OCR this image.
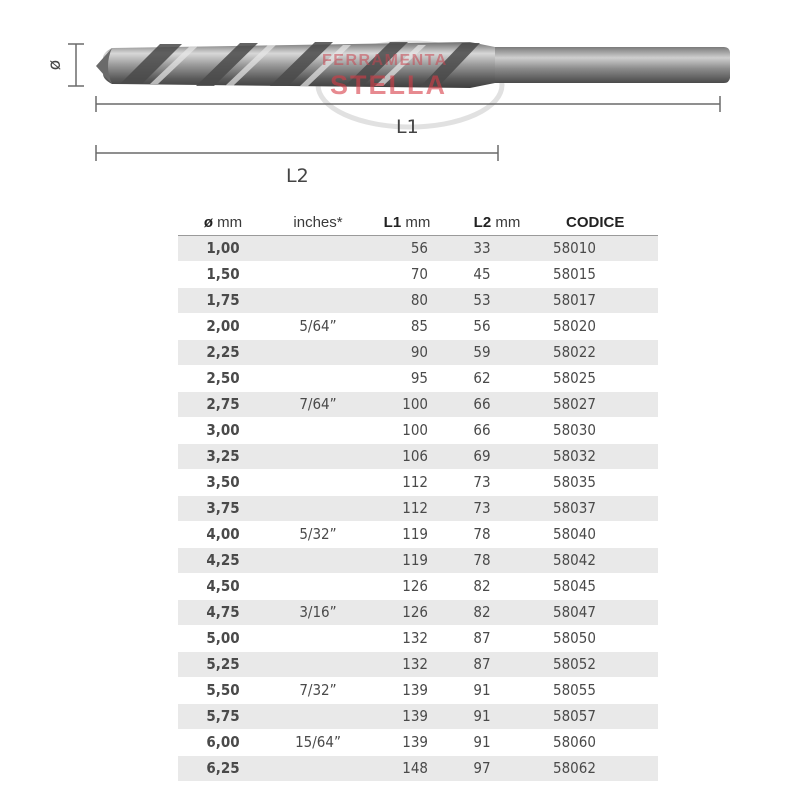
FERRAMENTA
STELLA
ø
L1
L2
ø mm	inches*	L1 mm	L2 mm	CODICE
1,00		56	33	58010
1,50		70	45	58015
1,75		80	53	58017
2,00	5/64”	85	56	58020
2,25		90	59	58022
2,50		95	62	58025
2,75	7/64”	100	66	58027
3,00		100	66	58030
3,25		106	69	58032
3,50		112	73	58035
3,75		112	73	58037
4,00	5/32”	119	78	58040
4,25		119	78	58042
4,50		126	82	58045
4,75	3/16”	126	82	58047
5,00		132	87	58050
5,25		132	87	58052
5,50	7/32”	139	91	58055
5,75		139	91	58057
6,00	15/64”	139	91	58060
6,25		148	97	58062
